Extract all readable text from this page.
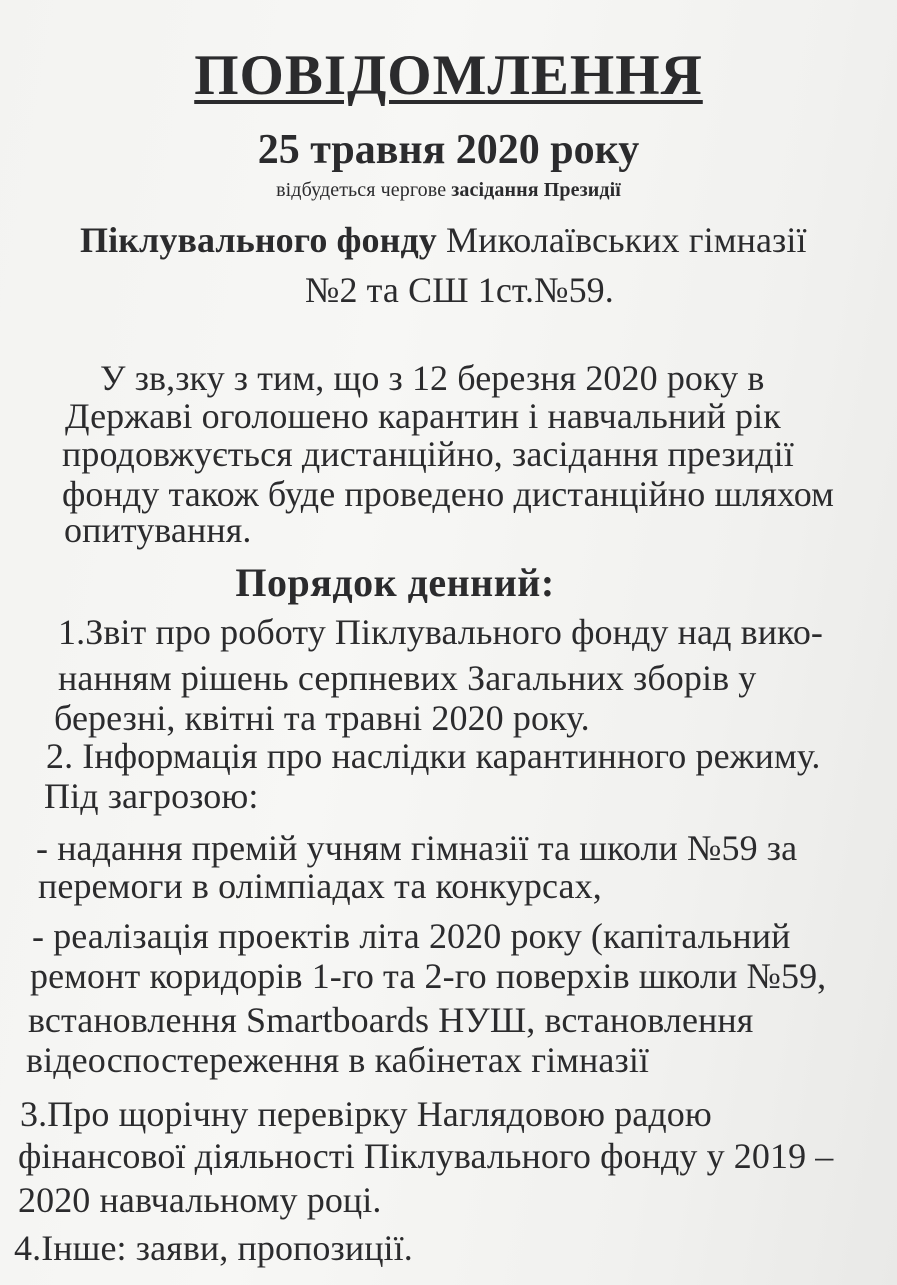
ПОВІДОМЛЕННЯ
25 травня 2020 року
відбудеться чергове засідання Президії
Піклувального фонду Миколаївських гімназії
№2 та СШ 1ст.№59.
У зв,зку з тим, що з 12 березня 2020 року в
Державі оголошено карантин і навчальний рік
продовжується дистанційно, засідання президії
фонду також буде проведено дистанційно шляхом
опитування.
Порядок денний:
1.Звіт про роботу Піклувального фонду над вико-
нанням рішень серпневих Загальних зборів у
березні, квітні та травні 2020 року.
2. Інформація про наслідки карантинного режиму.
Під загрозою:
- надання премій учням гімназії та школи №59 за
перемоги в олімпіадах та конкурсах,
- реалізація проектів літа 2020 року (капітальний
ремонт коридорів 1-го та 2-го поверхів школи №59,
встановлення Smartboards НУШ, встановлення
відеоспостереження в кабінетах гімназії
3.Про щорічну перевірку Наглядовою радою
фінансової діяльності Піклувального фонду у 2019 –
2020 навчальному році.
4.Інше: заяви, пропозиції.
